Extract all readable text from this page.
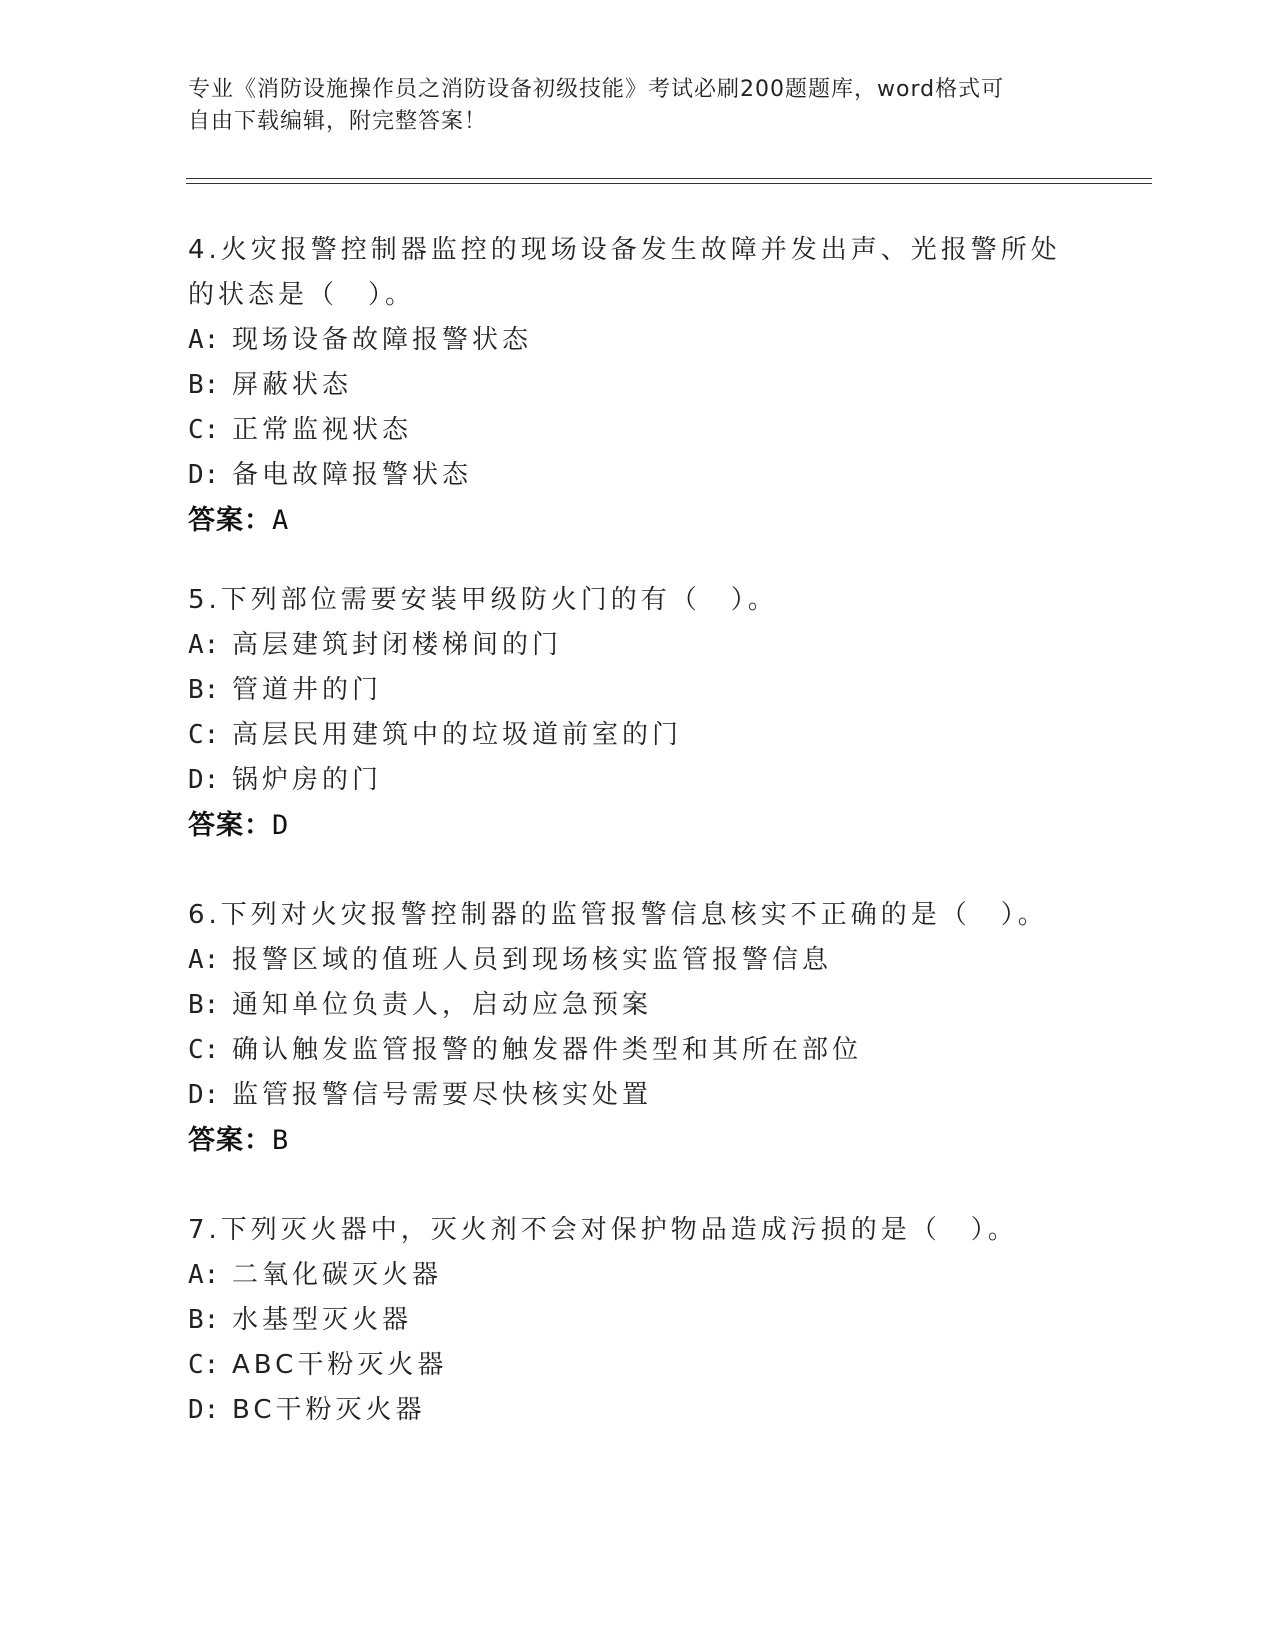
专业《消防设施操作员之消防设备初级技能》考试必刷200题题库，word格式可
自由下载编辑，附完整答案！

4.火灾报警控制器监控的现场设备发生故障并发出声、光报警所处的状态是（　）。

A: 现场设备故障报警状态

B: 屏蔽状态

C: 正常监视状态

D: 备电故障报警状态

答案：A

5.下列部位需要安装甲级防火门的有（　）。

A: 高层建筑封闭楼梯间的门

B: 管道井的门

C: 高层民用建筑中的垃圾道前室的门

D: 锅炉房的门

答案：D

6.下列对火灾报警控制器的监管报警信息核实不正确的是（　）。

A: 报警区域的值班人员到现场核实监管报警信息

B: 通知单位负责人，启动应急预案

C: 确认触发监管报警的触发器件类型和其所在部位

D: 监管报警信号需要尽快核实处置

答案：B

7.下列灭火器中，灭火剂不会对保护物品造成污损的是（　）。

A: 二氧化碳灭火器

B: 水基型灭火器

C: ABC干粉灭火器

D: BC干粉灭火器
